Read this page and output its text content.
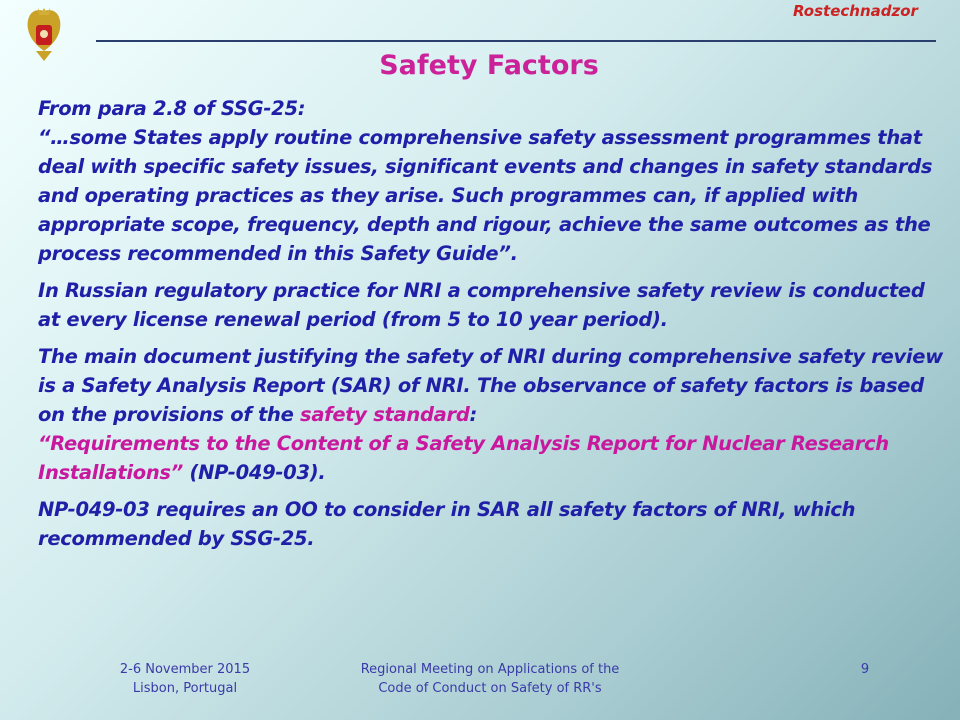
Rostechnadzor
Safety Factors

From para 2.8 of SSG-25:
“…some States apply routine comprehensive safety assessment programmes that deal with specific safety issues, significant events and changes in safety standards and operating practices as they arise. Such programmes can, if applied with appropriate scope, frequency, depth and rigour, achieve the same outcomes as the process recommended in this Safety Guide”.

In Russian regulatory practice for NRI a comprehensive safety review is conducted at every license renewal period (from 5 to 10 year period).

The main document justifying the safety of NRI during comprehensive safety review is a Safety Analysis Report (SAR) of NRI. The observance of safety factors is based on the provisions of the safety standard:
“Requirements to the Content of a Safety Analysis Report for Nuclear Research Installations” (NP-049-03).

NP-049-03 requires an OO to consider in SAR all safety factors of NRI, which recommended by SSG-25.

2-6 November 2015
Lisbon, Portugal
Regional Meeting on Applications of the
Code of Conduct on Safety of RR's
9
